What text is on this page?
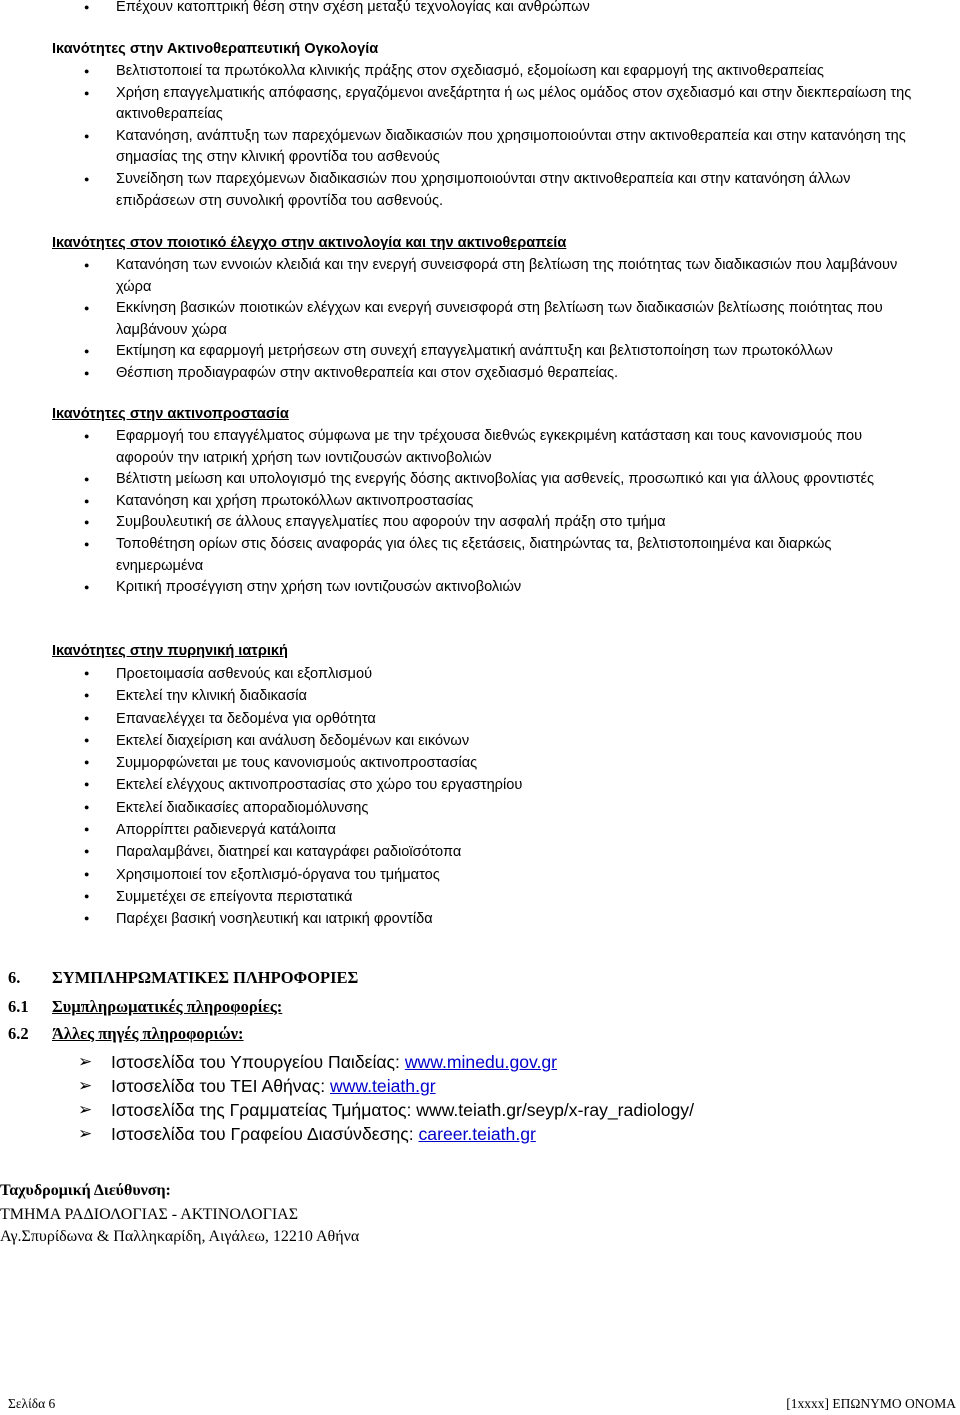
● Επέχουν κατοπτρική θέση στην σχέση μεταξύ τεχνολογίας και ανθρώπων
Ικανότητες στην Ακτινοθεραπευτική Ογκολογία
● Βελτιστοποιεί τα πρωτόκολλα κλινικής πράξης στον σχεδιασμό, εξομοίωση και εφαρμογή της ακτινοθεραπείας
● Χρήση επαγγελματικής απόφασης, εργαζόμενοι ανεξάρτητα ή ως μέλος ομάδος στον σχεδιασμό και στην διεκπεραίωση της ακτινοθεραπείας
● Κατανόηση, ανάπτυξη των παρεχόμενων διαδικασιών που χρησιμοποιούνται στην ακτινοθεραπεία και στην κατανόηση της σημασίας της στην κλινική φροντίδα του ασθενούς
● Συνείδηση των παρεχόμενων διαδικασιών που χρησιμοποιούνται στην ακτινοθεραπεία και στην κατανόηση άλλων επιδράσεων στη συνολική φροντίδα του ασθενούς.
Ικανότητες στον ποιοτικό έλεγχο στην ακτινολογία και την ακτινοθεραπεία
● Κατανόηση των εννοιών κλειδιά και την ενεργή συνεισφορά στη βελτίωση της ποιότητας των διαδικασιών που λαμβάνουν χώρα
● Εκκίνηση βασικών ποιοτικών ελέγχων και ενεργή συνεισφορά στη βελτίωση των διαδικασιών βελτίωσης ποιότητας που λαμβάνουν χώρα
● Εκτίμηση κα εφαρμογή μετρήσεων στη συνεχή επαγγελματική ανάπτυξη και βελτιστοποίηση των πρωτοκόλλων
● Θέσπιση προδιαγραφών στην ακτινοθεραπεία και στον σχεδιασμό θεραπείας.
Ικανότητες στην ακτινοπροστασία
● Εφαρμογή του επαγγέλματος σύμφωνα με την τρέχουσα διεθνώς εγκεκριμένη κατάσταση και τους κανονισμούς που αφορούν την ιατρική χρήση των ιοντιζουσών ακτινοβολιών
● Βέλτιστη μείωση και υπολογισμό της ενεργής δόσης ακτινοβολίας για ασθενείς, προσωπικό και για άλλους φροντιστές
● Κατανόηση και χρήση πρωτοκόλλων ακτινοπροστασίας
● Συμβουλευτική σε άλλους επαγγελματίες που αφορούν την ασφαλή πράξη στο τμήμα
● Τοποθέτηση ορίων στις δόσεις αναφοράς για όλες τις εξετάσεις, διατηρώντας τα, βελτιστοποιημένα και διαρκώς ενημερωμένα
● Κριτική προσέγγιση στην χρήση των ιοντιζουσών ακτινοβολιών
Ικανότητες στην πυρηνική ιατρική
● Προετοιμασία ασθενούς και εξοπλισμού
● Εκτελεί την κλινική διαδικασία
● Επαναελέγχει τα δεδομένα για ορθότητα
● Εκτελεί διαχείριση και ανάλυση δεδομένων και εικόνων
● Συμμορφώνεται με τους κανονισμούς ακτινοπροστασίας
● Εκτελεί ελέγχους ακτινοπροστασίας στο χώρο του εργαστηρίου
● Εκτελεί διαδικασίες απoραδιομόλυνσης
● Απορρίπτει ραδιενεργά κατάλοιπα
● Παραλαμβάνει, διατηρεί και καταγράφει ραδιοϊσότοπα
● Χρησιμοποιεί τον εξοπλισμό-όργανα του τμήματος
● Συμμετέχει σε επείγοντα περιστατικά
● Παρέχει βασική νοσηλευτική και ιατρική φροντίδα
6. ΣΥΜΠΛΗΡΩΜΑΤΙΚΕΣ ΠΛΗΡΟΦΟΡΙΕΣ
6.1 Συμπληρωματικές πληροφορίες:
6.2 Άλλες πηγές πληροφοριών:
➢ Ιστοσελίδα του Υπουργείου Παιδείας: www.minedu.gov.gr
➢ Ιστοσελίδα του ΤΕΙ Αθήνας: www.teiath.gr
➢ Ιστοσελίδα της Γραμματείας Τμήματος: www.teiath.gr/seyp/x-ray_radiology/
➢ Ιστοσελίδα του Γραφείου Διασύνδεσης: career.teiath.gr
Ταχυδρομική Διεύθυνση:
ΤΜΗΜΑ ΡΑΔΙΟΛΟΓΙΑΣ - ΑΚΤΙΝΟΛΟΓΙΑΣ
Αγ.Σπυρίδωνα & Παλληκαρίδη, Αιγάλεω, 12210 Αθήνα
Σελίδα 6	[1xxxx] ΕΠΩΝΥΜΟ ΟΝΟΜΑ
